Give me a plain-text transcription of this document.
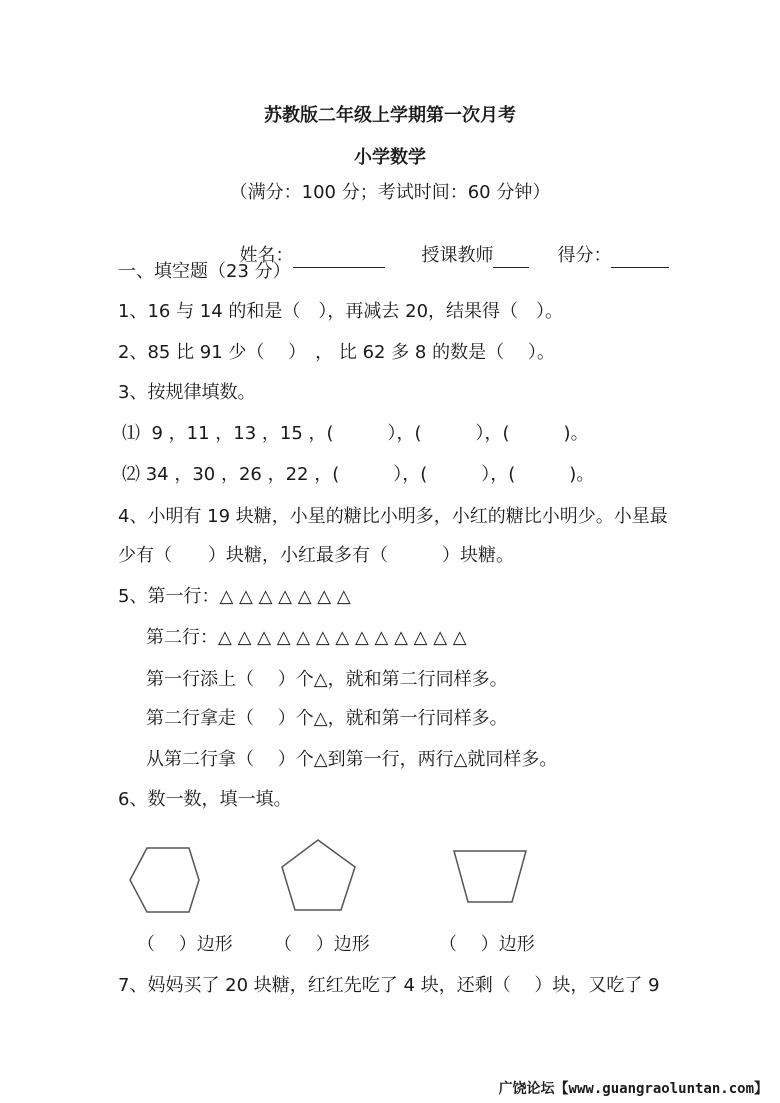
苏教版二年级上学期第一次月考
小学数学
（满分：100 分；考试时间：60 分钟）

姓名：	授课教师	得分：

一、填空题（23 分）
1、16 与 14 的和是（　），再减去 20，结果得（　）。
2、85 比 91 少（　 ）　， 比 62 多 8 的数是（　 ）。
3、按规律填数。
⑴  9 ，11 ，13 ，15 ，(　　　），(　　　），(　　　)。
⑵ 34 ，30 ，26 ，22 ，(　　　），(　　　），(　　　)。
4、小明有 19 块糖，小星的糖比小明多，小红的糖比小明少。小星最
少有（　　）块糖，小红最多有（　　　）块糖。
5、第一行：△ △ △ △ △ △ △
第二行：△ △ △ △ △ △ △ △ △ △ △ △ △
第一行添上（　 ）个△，就和第二行同样多。
第二行拿走（　 ）个△，就和第一行同样多。
从第二行拿（　 ）个△到第一行，两行△就同样多。
6、数一数，填一填。
（　 ）边形 （　 ）边形	（　 ）边形
7、妈妈买了 20 块糖，红红先吃了 4 块，还剩（　 ）块，又吃了 9
广饶论坛【www.guangraoluntan.com】
